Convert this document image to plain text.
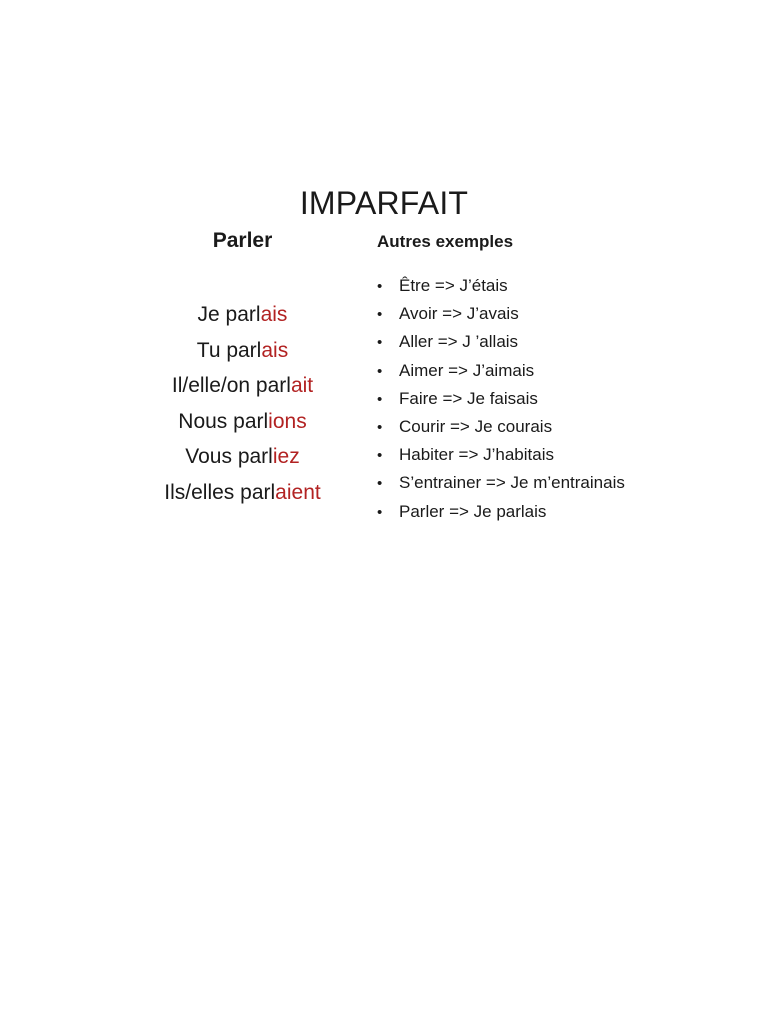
IMPARFAIT
Parler
Je parlais
Tu parlais
Il/elle/on parlait
Nous parlions
Vous parliez
Ils/elles parlaient
Autres exemples
• Être => J’étais
• Avoir => J’avais
• Aller => J ’allais
• Aimer => J’aimais
• Faire => Je faisais
• Courir => Je courais
• Habiter => J’habitais
• S’entrainer => Je m’entrainais
• Parler => Je parlais
